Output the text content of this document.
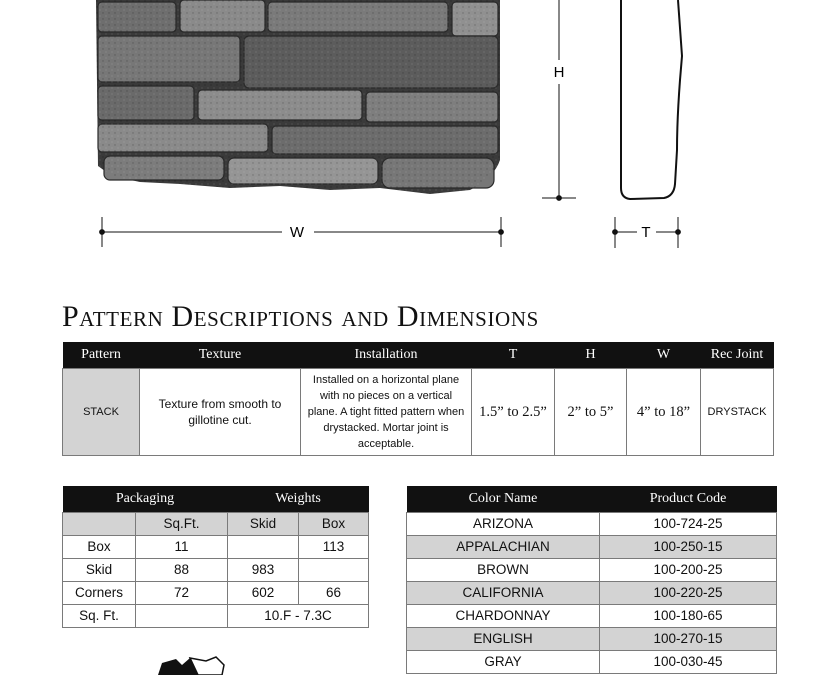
W
H
T
Pattern Descriptions and Dimensions
Pattern	Texture	Installation	T	H	W	Rec Joint
STACK	Texture from smooth to gillotine cut.	Installed on a horizontal plane with no pieces on a vertical plane. A tight fitted pattern when drystacked. Mortar joint is acceptable.	1.5” to 2.5”	2” to 5”	4” to 18”	DRYSTACK
Packaging		Weights	
	Sq.Ft.	Skid	Box
Box	11		113
Skid	88	983	
Corners	72	602	66
Sq. Ft.		10.F - 7.3C	
Color Name	Product Code
ARIZONA	100-724-25
APPALACHIAN	100-250-15
BROWN	100-200-25
CALIFORNIA	100-220-25
CHARDONNAY	100-180-65
ENGLISH	100-270-15
GRAY	100-030-45
